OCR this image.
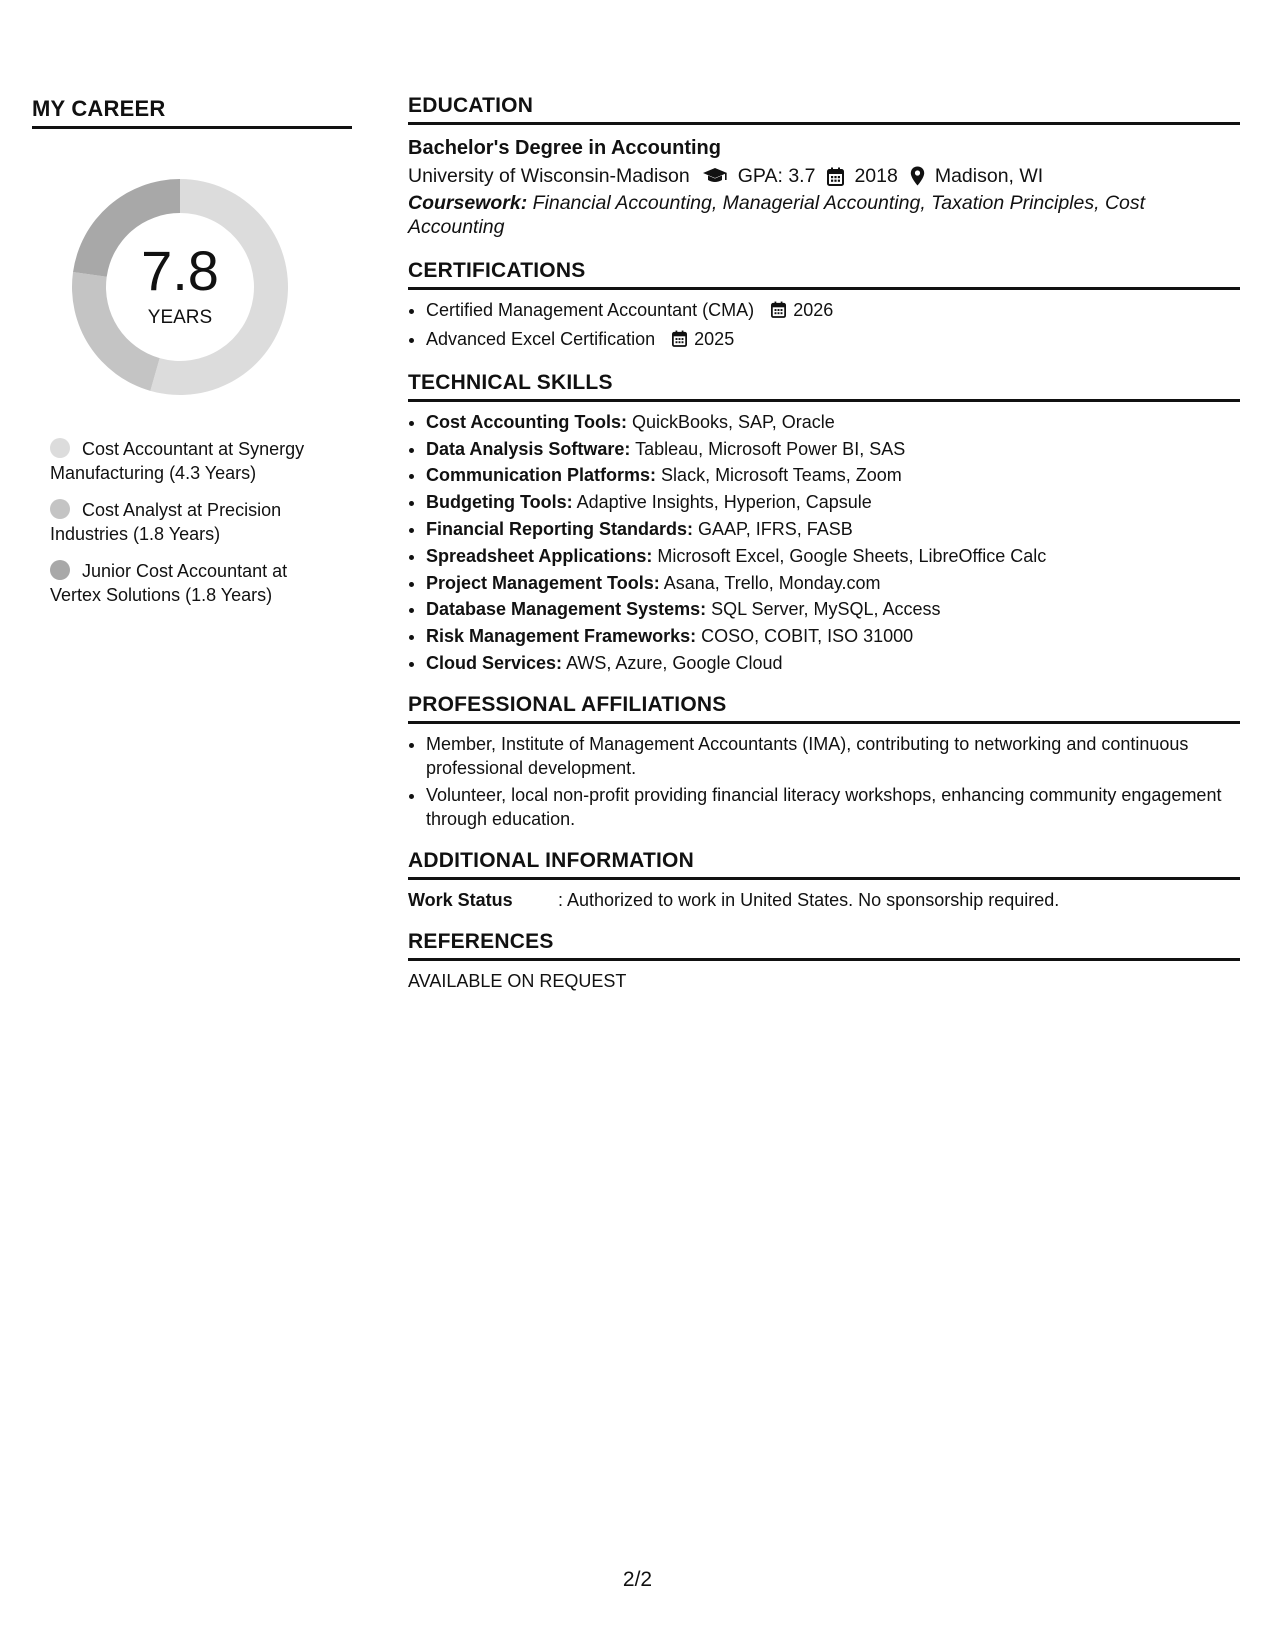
MY CAREER
7.8
YEARS
Cost Accountant at Synergy Manufacturing (4.3 Years)
Cost Analyst at Precision Industries (1.8 Years)
Junior Cost Accountant at Vertex Solutions (1.8 Years)
EDUCATION
Bachelor's Degree in Accounting
University of Wisconsin-Madison GPA: 3.7 2018 Madison, WI
Coursework: Financial Accounting, Managerial Accounting, Taxation Principles, Cost Accounting
CERTIFICATIONS
• Certified Management Accountant (CMA) 2026
• Advanced Excel Certification 2025
TECHNICAL SKILLS
• Cost Accounting Tools: QuickBooks, SAP, Oracle
• Data Analysis Software: Tableau, Microsoft Power BI, SAS
• Communication Platforms: Slack, Microsoft Teams, Zoom
• Budgeting Tools: Adaptive Insights, Hyperion, Capsule
• Financial Reporting Standards: GAAP, IFRS, FASB
• Spreadsheet Applications: Microsoft Excel, Google Sheets, LibreOffice Calc
• Project Management Tools: Asana, Trello, Monday.com
• Database Management Systems: SQL Server, MySQL, Access
• Risk Management Frameworks: COSO, COBIT, ISO 31000
• Cloud Services: AWS, Azure, Google Cloud
PROFESSIONAL AFFILIATIONS
• Member, Institute of Management Accountants (IMA), contributing to networking and continuous professional development.
• Volunteer, local non-profit providing financial literacy workshops, enhancing community engagement through education.
ADDITIONAL INFORMATION
Work Status	: Authorized to work in United States. No sponsorship required.
REFERENCES
AVAILABLE ON REQUEST
2/2
